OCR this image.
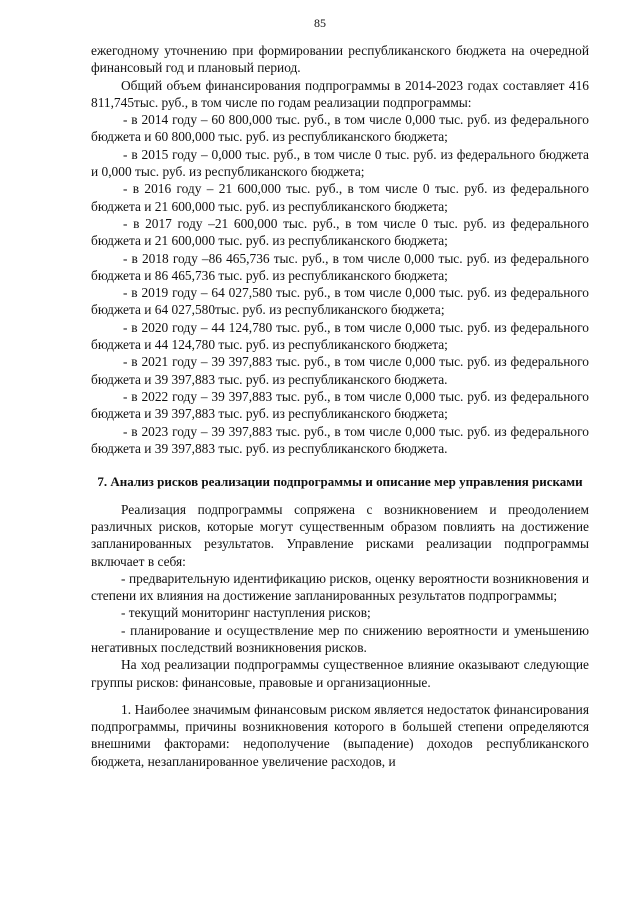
85

ежегодному уточнению при формировании республиканского бюджета на очередной финансовый год и плановый период.

Общий объем финансирования подпрограммы в 2014-2023 годах составляет 416 811,745тыс. руб., в том числе по годам реализации подпрограммы:

- в 2014 году – 60 800,000 тыс. руб., в том числе 0,000 тыс. руб. из федерального бюджета и 60 800,000 тыс. руб. из республиканского бюджета;

- в 2015 году – 0,000 тыс. руб., в том числе 0 тыс. руб. из федерального бюджета и 0,000 тыс. руб. из республиканского бюджета;

- в 2016 году – 21 600,000 тыс. руб., в том числе 0 тыс. руб. из федерального бюджета и 21 600,000 тыс. руб. из республиканского бюджета;

- в 2017 году –21 600,000 тыс. руб., в том числе 0 тыс. руб. из федерального бюджета и 21 600,000 тыс. руб. из республиканского бюджета;

- в 2018 году –86 465,736 тыс. руб., в том числе 0,000 тыс. руб. из федерального бюджета и 86 465,736 тыс. руб. из республиканского бюджета;

- в 2019 году – 64 027,580 тыс. руб., в том числе 0,000 тыс. руб. из федерального бюджета и 64 027,580тыс. руб. из республиканского бюджета;

- в 2020 году – 44 124,780 тыс. руб., в том числе 0,000 тыс. руб. из федерального бюджета и 44 124,780 тыс. руб. из республиканского бюджета;

- в 2021 году – 39 397,883 тыс. руб., в том числе 0,000 тыс. руб. из федерального бюджета и 39 397,883 тыс. руб. из республиканского бюджета.

- в 2022 году – 39 397,883 тыс. руб., в том числе 0,000 тыс. руб. из федерального бюджета и 39 397,883 тыс. руб. из республиканского бюджета;

- в 2023 году – 39 397,883 тыс. руб., в том числе 0,000 тыс. руб. из федерального бюджета и 39 397,883 тыс. руб. из республиканского бюджета.

7. Анализ рисков реализации подпрограммы и описание мер управления рисками

Реализация подпрограммы сопряжена с возникновением и преодолением различных рисков, которые могут существенным образом повлиять на достижение запланированных результатов. Управление рисками реализации подпрограммы включает в себя:

- предварительную идентификацию рисков, оценку вероятности возникновения и степени их влияния на достижение запланированных результатов подпрограммы;

- текущий мониторинг наступления рисков;

- планирование и осуществление мер по снижению вероятности и уменьшению негативных последствий возникновения рисков.

На ход реализации подпрограммы существенное влияние оказывают следующие группы рисков: финансовые, правовые и организационные.

1. Наиболее значимым финансовым риском является недостаток финансирования подпрограммы, причины возникновения которого в большей степени определяются внешними факторами: недополучение (выпадение) доходов республиканского бюджета, незапланированное увеличение расходов, и
